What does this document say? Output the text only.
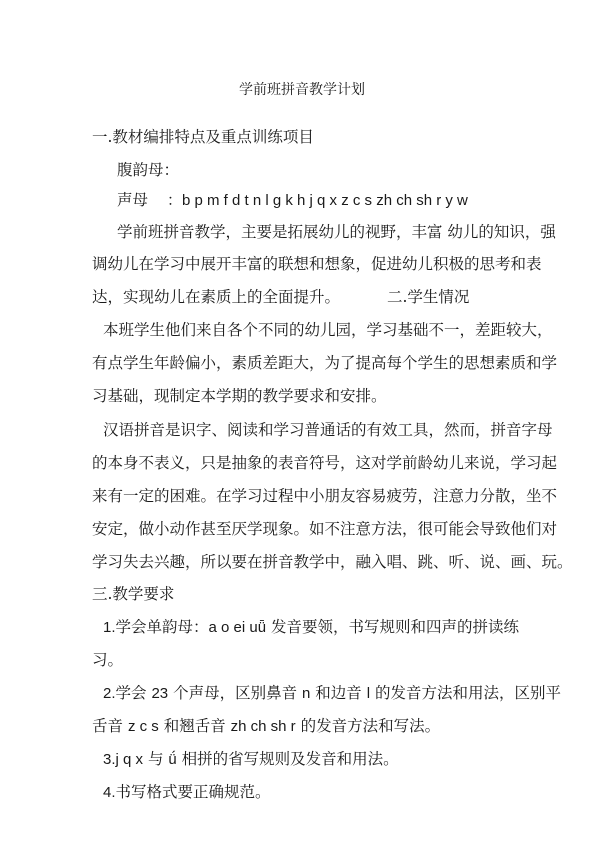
学前班拼音教学计划
一.教材编排特点及重点训练项目
腹韵母：
声母 ：b p m f d t n l g k h j q x z c s zh ch sh r y w
学前班拼音教学，主要是拓展幼儿的视野，丰富 幼儿的知识，强
调幼儿在学习中展开丰富的联想和想象，促进幼儿积极的思考和表
达，实现幼儿在素质上的全面提升。	二.学生情况
本班学生他们来自各个不同的幼儿园，学习基础不一，差距较大，
有点学生年龄偏小，素质差距大，为了提高每个学生的思想素质和学
习基础，现制定本学期的教学要求和安排。
汉语拼音是识字、阅读和学习普通话的有效工具，然而，拼音字母
的本身不表义，只是抽象的表音符号，这对学前龄幼儿来说，学习起
来有一定的困难。在学习过程中小朋友容易疲劳，注意力分散，坐不
安定，做小动作甚至厌学现象。如不注意方法，很可能会导致他们对
学习失去兴趣，所以要在拼音教学中，融入唱、跳、听、说、画、玩。
三.教学要求
1.学会单韵母：a o ei uǖ 发音要领，书写规则和四声的拼读练
习。
2.学会 23 个声母，区别鼻音 n 和边音 l 的发音方法和用法，区别平
舌音 z c s 和翘舌音 zh ch sh r 的发音方法和写法。
3.j q x 与 ǘ 相拼的省写规则及发音和用法。
4.书写格式要正确规范。
